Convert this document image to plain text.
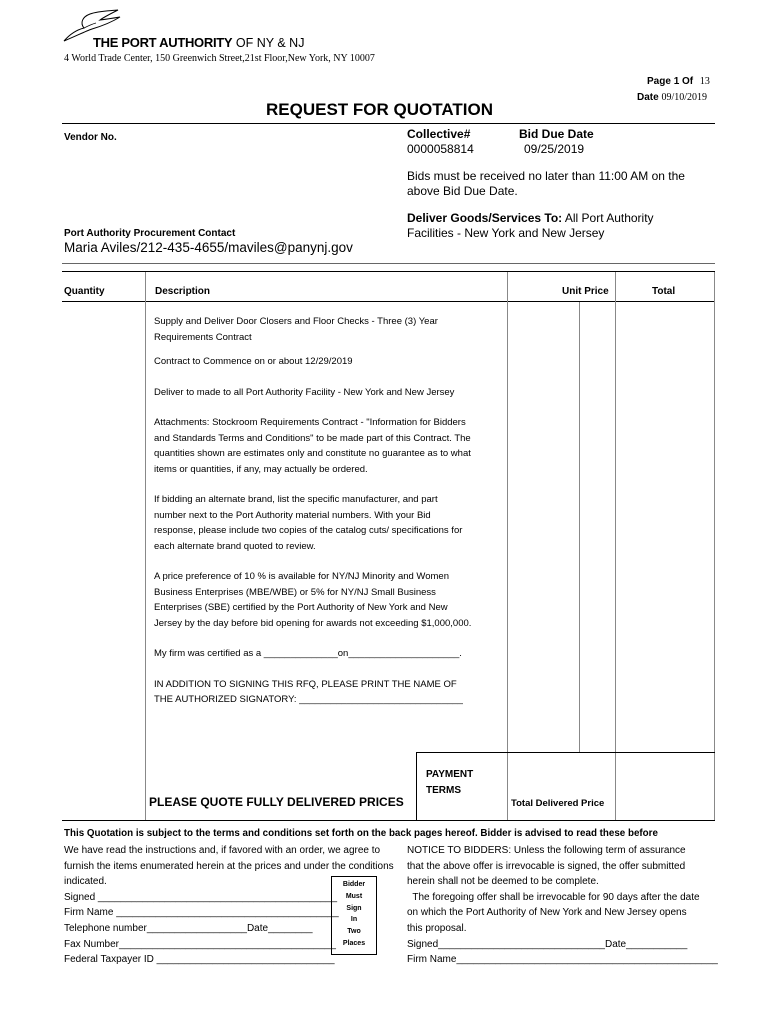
THE PORT AUTHORITY OF NY & NJ
4 World Trade Center, 150 Greenwich Street,21st Floor,New York, NY 10007
Page 1 Of 13
Date 09/10/2019
REQUEST FOR QUOTATION
Vendor No.	Collective#
0000058814
Bid Due Date
09/25/2019
Bids must be received no later than 11:00 AM on the
above Bid Due Date.
Deliver Goods/Services To: All Port Authority
Facilities - New York and New Jersey
Port Authority Procurement Contact
Maria Aviles/212-435-4655/maviles@panynj.gov
Quantity	Description	Unit Price	Total

Supply and Deliver Door Closers and Floor Checks - Three (3) Year

Requirements Contract

Contract to Commence on or about 12/29/2019

Deliver to made to all Port Authority Facility - New York and New Jersey

Attachments: Stockroom Requirements Contract - "Information for Bidders

and Standards Terms and Conditions" to be made part of this Contract. The

quantities shown are estimates only and constitute no guarantee as to what

items or quantities, if any, may actually be ordered.

If bidding an alternate brand, list the specific manufacturer, and part

number next to the Port Authority material numbers. With your Bid

response, please include two copies of the catalog cuts/ specifications for

each alternate brand quoted to review.

A price preference of 10 % is available for NY/NJ Minority and Women

Business Enterprises (MBE/WBE) or 5% for NY/NJ Small Business

Enterprises (SBE) certified by the Port Authority of New York and New

Jersey by the day before bid opening for awards not exceeding $1,000,000.

My firm was certified as a ______________on_____________________.

IN ADDITION TO SIGNING THIS RFQ, PLEASE PRINT THE NAME OF

THE AUTHORIZED SIGNATORY: _______________________________

PAYMENT
TERMS
PLEASE QUOTE FULLY DELIVERED PRICES	Total Delivered Price
This Quotation is subject to the terms and conditions set forth on the back pages hereof. Bidder is advised to read these before
We have read the instructions and, if favored with an order, we agree to
furnish the items enumerated herein at the prices and under the conditions
indicated.
Signed ___________________________________________
Firm Name ________________________________________
Telephone number__________________Date________
Fax Number_______________________________________
Federal Taxpayer ID ________________________________
Bidder
Must
Sign
In
Two
Places
NOTICE TO BIDDERS: Unless the following term of assurance
that the above offer is irrevocable is signed, the offer submitted
herein shall not be deemed to be complete.
The foregoing offer shall be irrevocable for 90 days after the date
on which the Port Authority of New York and New Jersey opens
this proposal.
Signed______________________________Date___________
Firm Name_______________________________________________
